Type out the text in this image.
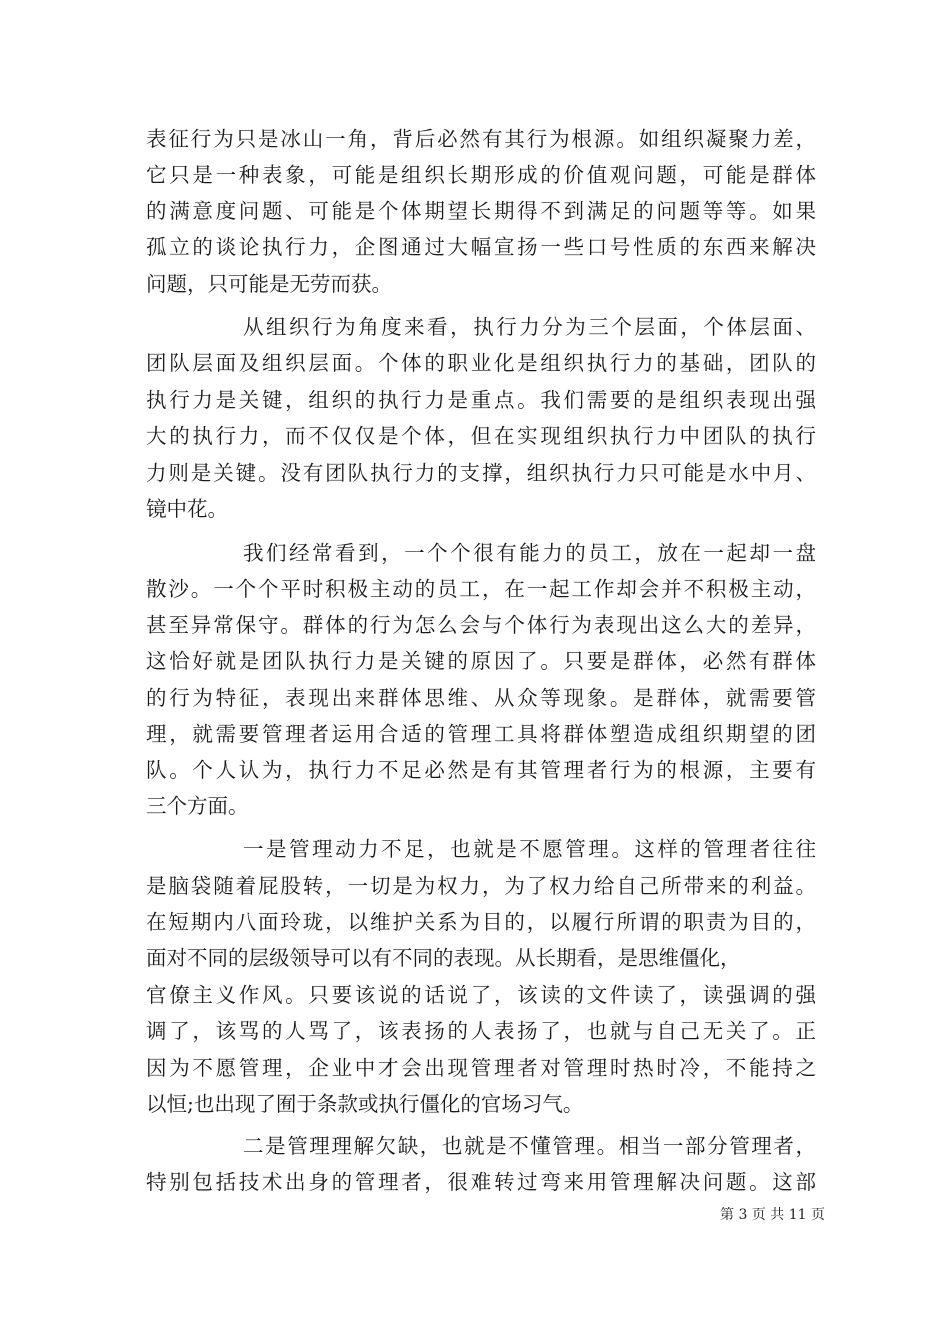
表征行为只是冰山一角，背后必然有其行为根源。如组织凝聚力差，
它只是一种表象，可能是组织长期形成的价值观问题，可能是群体
的满意度问题、可能是个体期望长期得不到满足的问题等等。如果
孤立的谈论执行力，企图通过大幅宣扬一些口号性质的东西来解决
问题，只可能是无劳而获。
从组织行为角度来看，执行力分为三个层面，个体层面、
团队层面及组织层面。个体的职业化是组织执行力的基础，团队的
执行力是关键，组织的执行力是重点。我们需要的是组织表现出强
大的执行力，而不仅仅是个体，但在实现组织执行力中团队的执行
力则是关键。没有团队执行力的支撑，组织执行力只可能是水中月、
镜中花。
我们经常看到，一个个很有能力的员工，放在一起却一盘
散沙。一个个平时积极主动的员工，在一起工作却会并不积极主动，
甚至异常保守。群体的行为怎么会与个体行为表现出这么大的差异，
这恰好就是团队执行力是关键的原因了。只要是群体，必然有群体
的行为特征，表现出来群体思维、从众等现象。是群体，就需要管
理，就需要管理者运用合适的管理工具将群体塑造成组织期望的团
队。个人认为，执行力不足必然是有其管理者行为的根源，主要有
三个方面。
一是管理动力不足，也就是不愿管理。这样的管理者往往
是脑袋随着屁股转，一切是为权力，为了权力给自己所带来的利益。
在短期内八面玲珑，以维护关系为目的，以履行所谓的职责为目的，
面对不同的层级领导可以有不同的表现。从长期看，是思维僵化，
官僚主义作风。只要该说的话说了，该读的文件读了，读强调的强
调了，该骂的人骂了，该表扬的人表扬了，也就与自己无关了。正
因为不愿管理，企业中才会出现管理者对管理时热时冷，不能持之
以恒;也出现了囿于条款或执行僵化的官场习气。
二是管理理解欠缺，也就是不懂管理。相当一部分管理者，
特别包括技术出身的管理者，很难转过弯来用管理解决问题。这部
第 3 页 共 11 页
